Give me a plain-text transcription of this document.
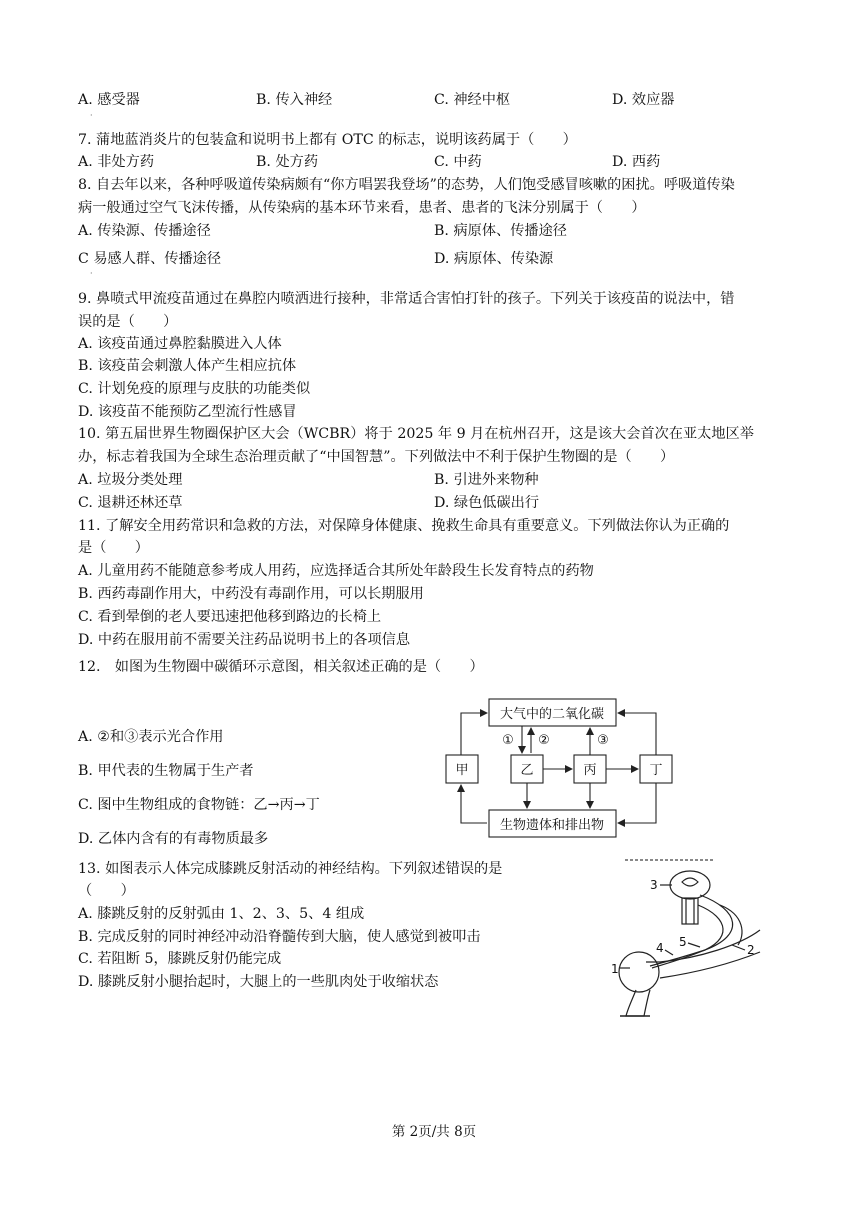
A. 感受器
·
B. 传入神经	C. 神经中枢	D. 效应器
7. 蒲地蓝消炎片的包装盒和说明书上都有 OTC 的标志，说明该药属于（　　）
A. 非处方药	B. 处方药	C. 中药	D. 西药
8. 自去年以来，各种呼吸道传染病颇有“你方唱罢我登场”的态势，人们饱受感冒咳嗽的困扰。呼吸道传染
病一般通过空气飞沫传播，从传染病的基本环节来看，患者、患者的飞沫分别属于（　　）
A. 传染源、传播途径	B. 病原体、传播途径
C 易感人群、传播途径
·
D. 病原体、传染源
9. 鼻喷式甲流疫苗通过在鼻腔内喷洒进行接种，非常适合害怕打针的孩子。下列关于该疫苗的说法中，错
误的是（　　）
A. 该疫苗通过鼻腔黏膜进入人体
B. 该疫苗会刺激人体产生相应抗体
C. 计划免疫的原理与皮肤的功能类似
D. 该疫苗不能预防乙型流行性感冒
10. 第五届世界生物圈保护区大会（WCBR）将于 2025 年 9 月在杭州召开，这是该大会首次在亚太地区举
办，标志着我国为全球生态治理贡献了“中国智慧”。下列做法中不利于保护生物圈的是（　　）
A. 垃圾分类处理	B. 引进外来物种
C. 退耕还林还草	D. 绿色低碳出行
11. 了解安全用药常识和急救的方法，对保障身体健康、挽救生命具有重要意义。下列做法你认为正确的
是（　　）
A. 儿童用药不能随意参考成人用药，应选择适合其所处年龄段生长发育特点的药物
B. 西药毒副作用大，中药没有毒副作用，可以长期服用
C. 看到晕倒的老人要迅速把他移到路边的长椅上
D. 中药在服用前不需要关注药品说明书上的各项信息
12.　如图为生物圈中碳循环示意图，相关叙述正确的是（　　）
A. ②和③表示光合作用
B. 甲代表的生物属于生产者
C. 图中生物组成的食物链：乙→丙→丁
D. 乙体内含有的有毒物质最多
大气中的二氧化碳
生物遗体和排出物
甲	乙	丙	丁
① ②	③
13. 如图表示人体完成膝跳反射活动的神经结构。下列叙述错误的是
（　　）
A. 膝跳反射的反射弧由 1、2、3、5、4 组成
B. 完成反射的同时神经冲动沿脊髓传到大脑，使人感觉到被叩击
C. 若阻断 5，膝跳反射仍能完成
D. 膝跳反射小腿抬起时，大腿上的一些肌肉处于收缩状态
1
2
3
4 5
第 2页/共 8页
